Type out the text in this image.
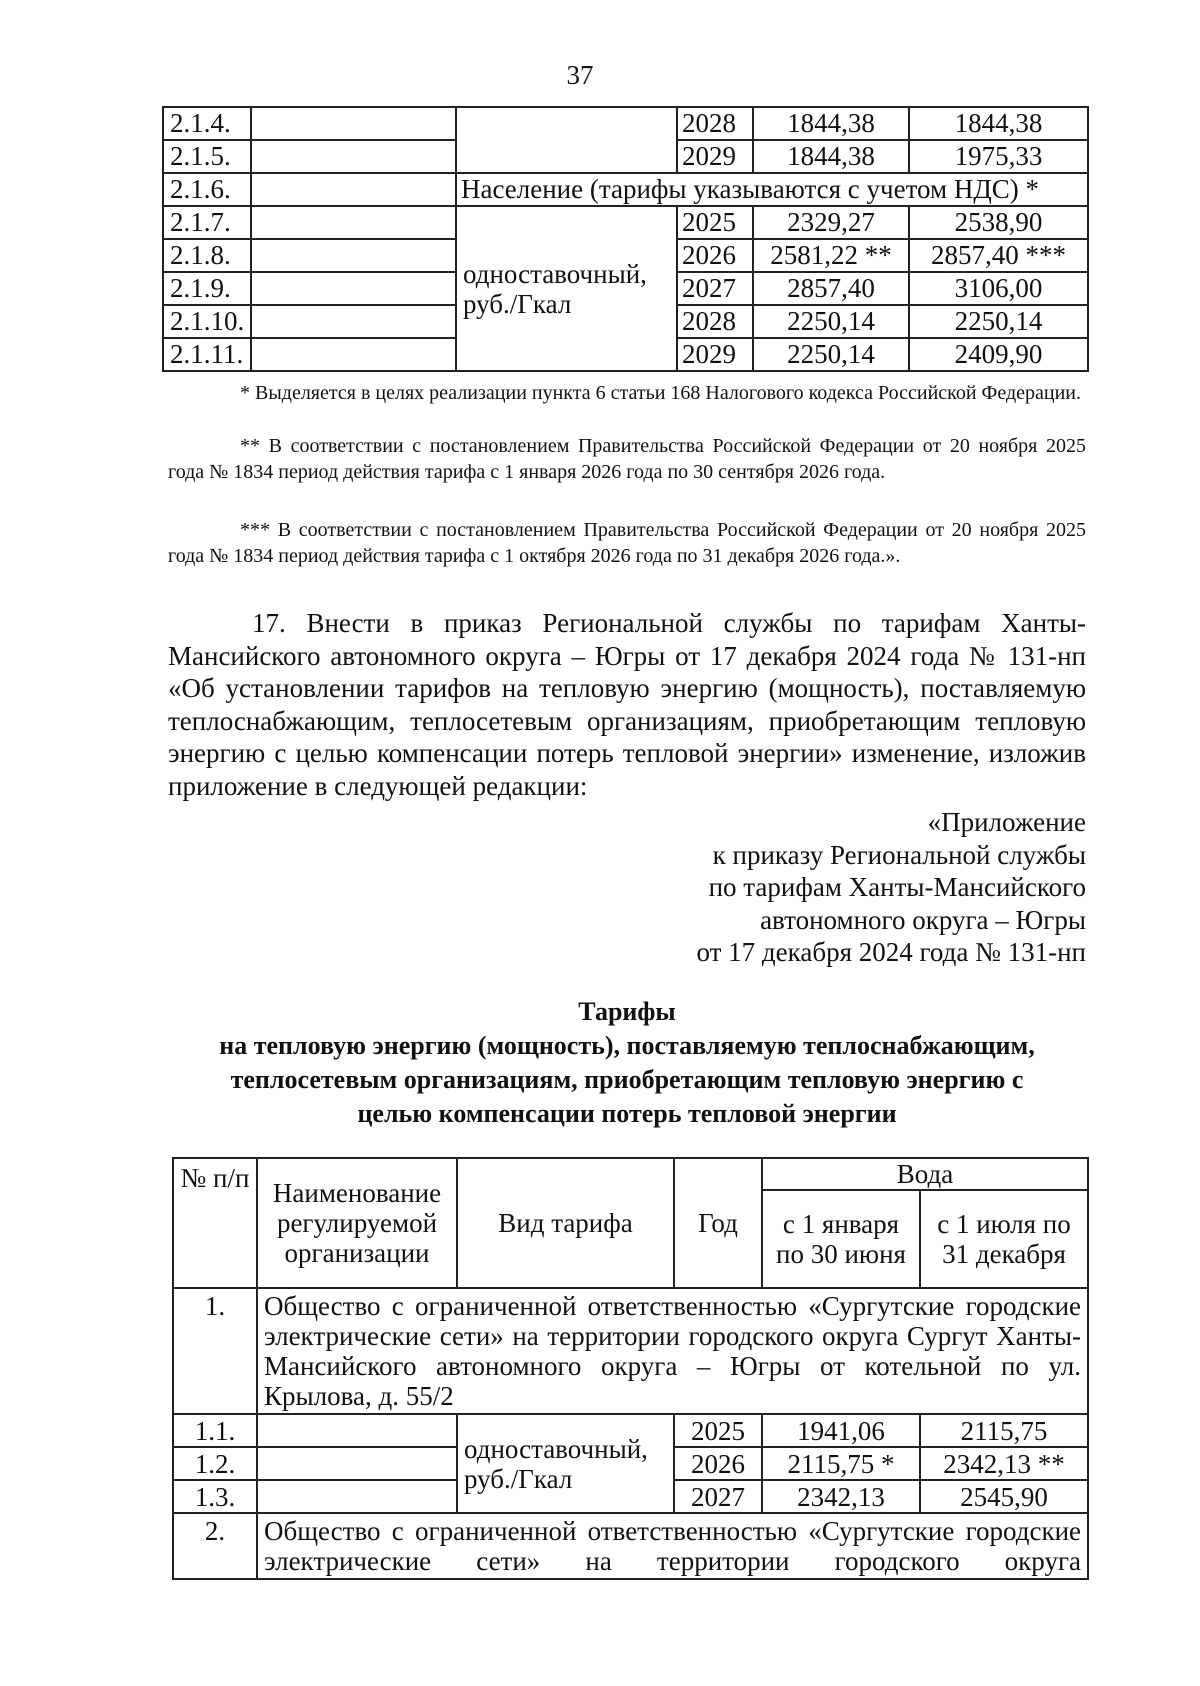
37
2.1.4.			2028	1844,38	1844,38
2.1.5.			2029	1844,38	1975,33
2.1.6.		Население (тарифы указываются с учетом НДС) *			
2.1.7.		одноставочный, руб./Гкал	2025	2329,27	2538,90
2.1.8.			2026	2581,22 **	2857,40 ***
2.1.9.			2027	2857,40	3106,00
2.1.10.			2028	2250,14	2250,14
2.1.11.			2029	2250,14	2409,90
* Выделяется в целях реализации пункта 6 статьи 168 Налогового кодекса Российской Федерации.
** В соответствии с постановлением Правительства Российской Федерации от 20 ноября 2025 года № 1834 период действия тарифа с 1 января 2026 года по 30 сентября 2026 года.
*** В соответствии с постановлением Правительства Российской Федерации от 20 ноября 2025 года № 1834 период действия тарифа с 1 октября 2026 года по 31 декабря 2026 года.».
17. Внести в приказ Региональной службы по тарифам Ханты-Мансийского автономного округа – Югры от 17 декабря 2024 года № 131-нп «Об установлении тарифов на тепловую энергию (мощность), поставляемую теплоснабжающим, теплосетевым организациям, приобретающим тепловую энергию с целью компенсации потерь тепловой энергии» изменение, изложив приложение в следующей редакции:
«Приложение
к приказу Региональной службы
по тарифам Ханты-Мансийского
автономного округа – Югры
от 17 декабря 2024 года № 131-нп
Тарифы
на тепловую энергию (мощность), поставляемую теплоснабжающим,
теплосетевым организациям, приобретающим тепловую энергию с
целью компенсации потерь тепловой энергии
№ п/п	Наименование регулируемой организации	Вид тарифа	Год	Вода	
				с 1 января по 30 июня	с 1 июля по 31 декабря
1.	Общество с ограниченной ответственностью «Сургутские городские электрические сети» на территории городского округа Сургут Ханты-Мансийского автономного округа – Югры от котельной по ул. Крылова, д. 55/2				
1.1.		одноставочный, руб./Гкал	2025	1941,06	2115,75
1.2.			2026	2115,75 *	2342,13 **
1.3.			2027	2342,13	2545,90
2.	Общество с ограниченной ответственностью «Сургутские городские электрические сети» на территории городского округа				
